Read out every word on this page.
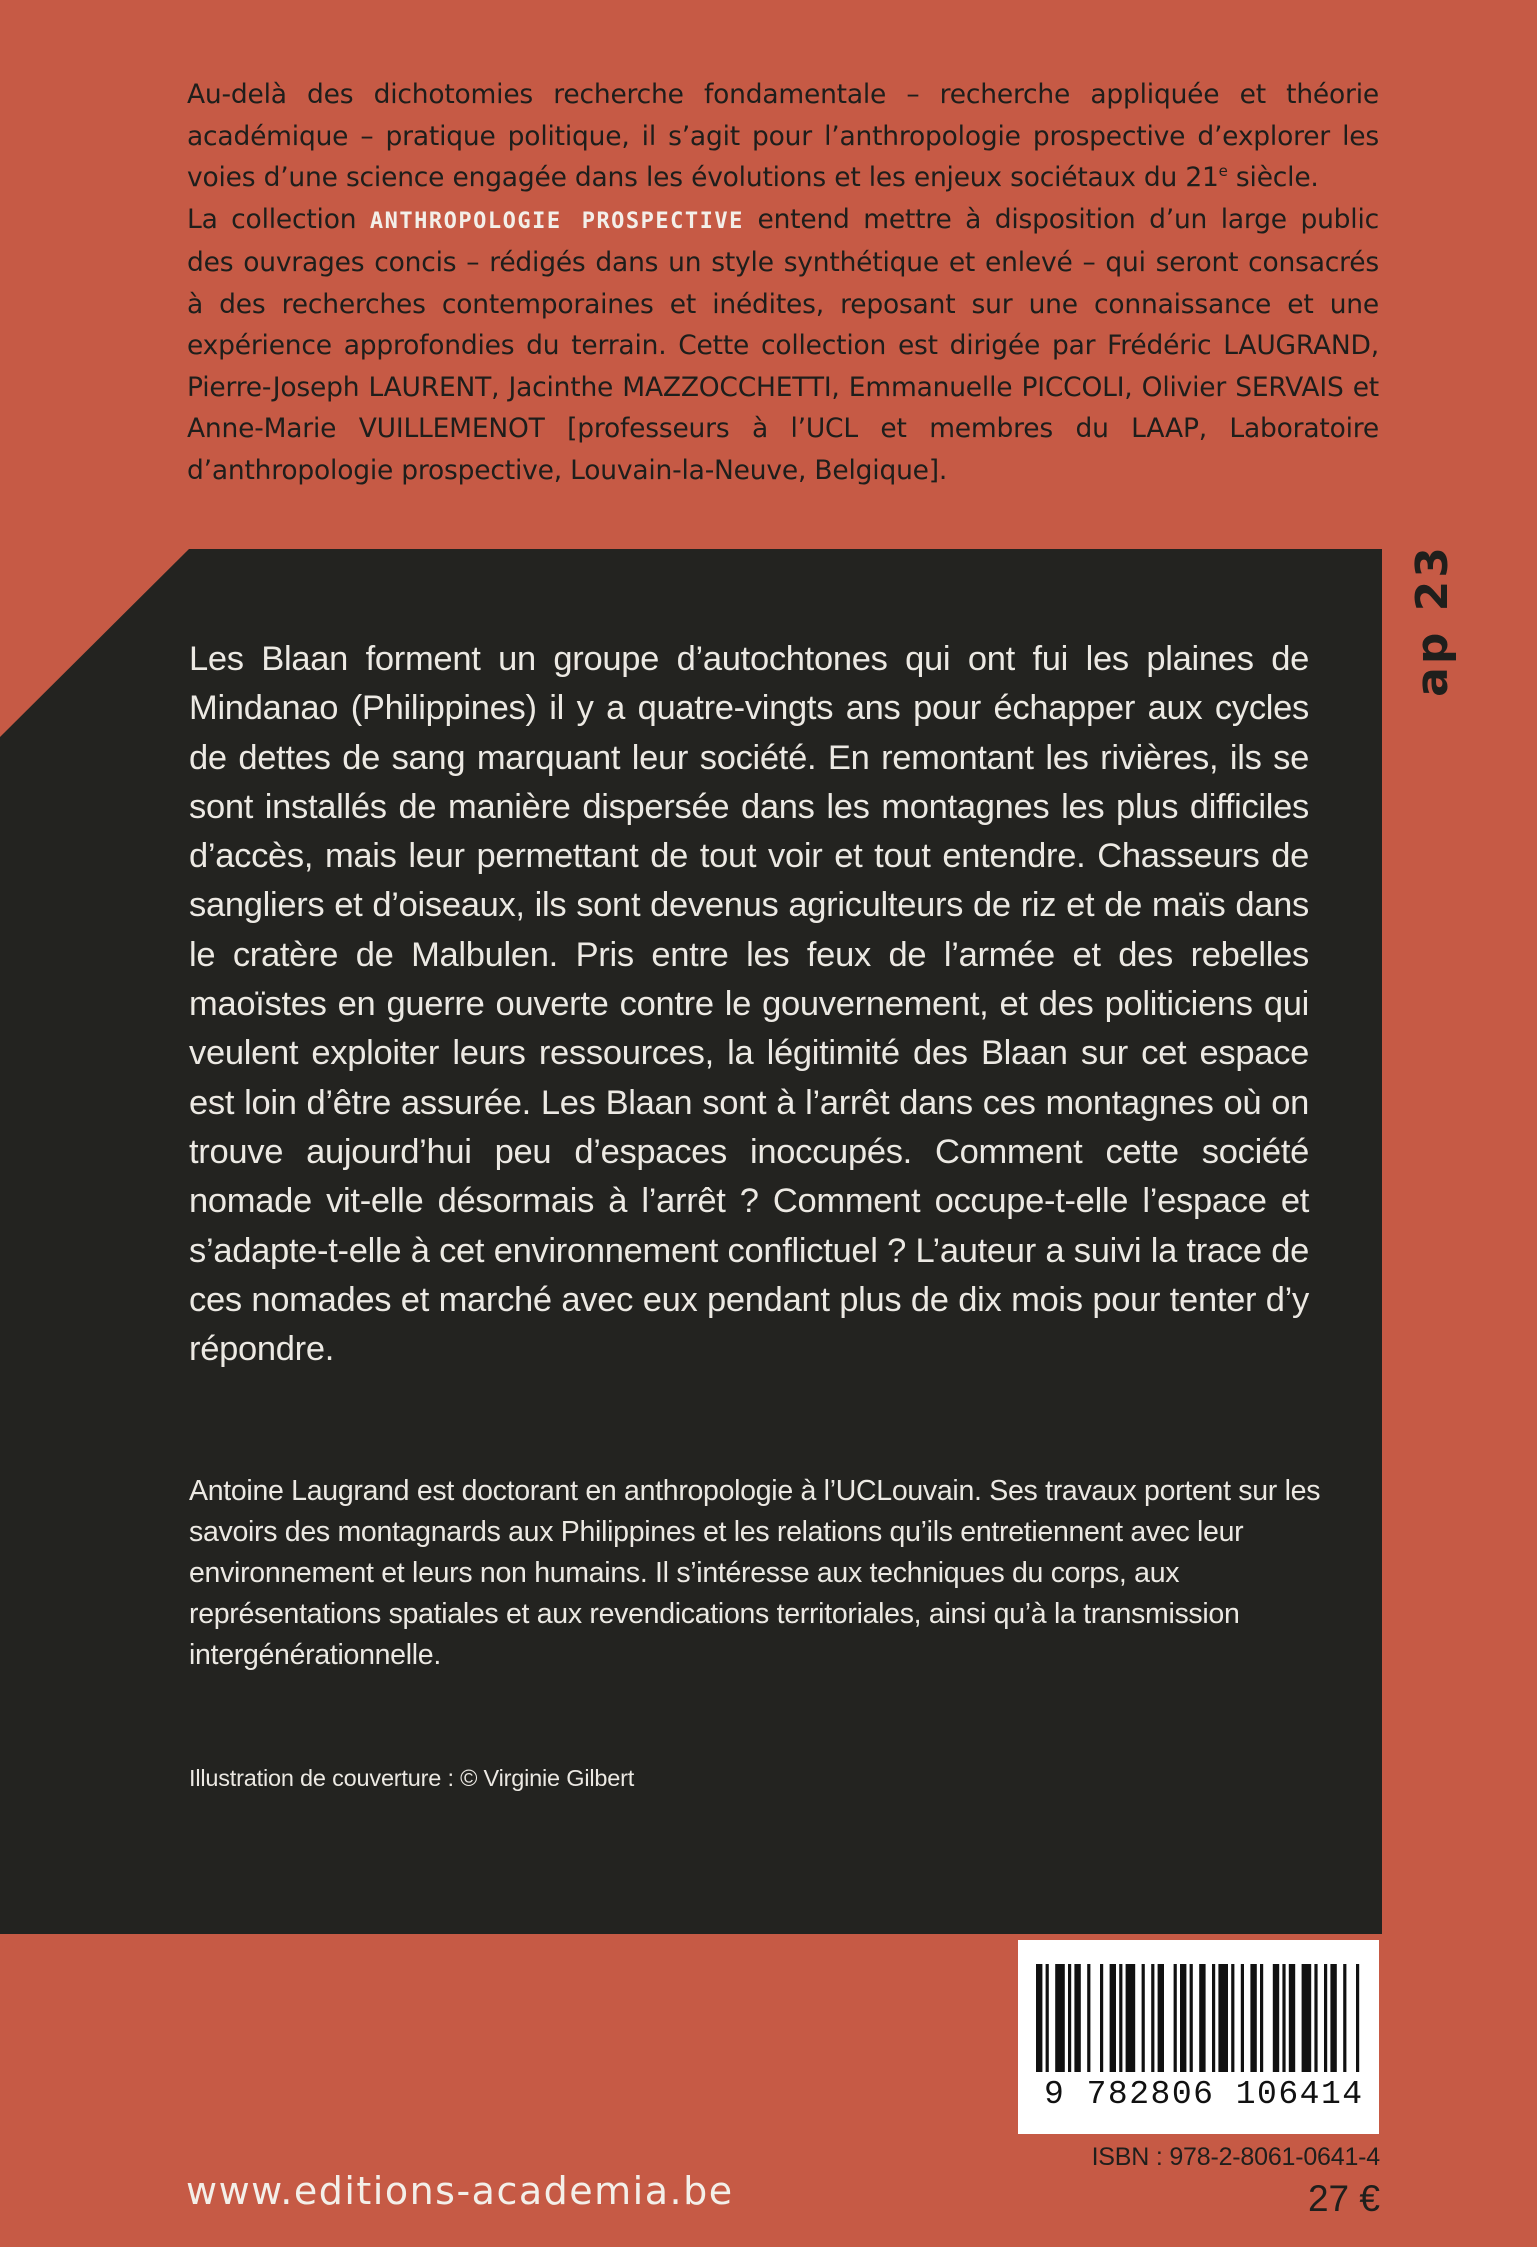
Au-delà des dichotomies recherche fondamentale – recherche appliquée et théorie académique – pratique politique, il s’agit pour l’anthropologie prospective d’explorer les voies d’une science engagée dans les évolutions et les enjeux sociétaux du 21e siècle.

La collection ANTHROPOLOGIE PROSPECTIVE entend mettre à disposition d’un large public des ouvrages concis – rédigés dans un style synthétique et enlevé – qui seront consacrés à des recherches contemporaines et inédites, reposant sur une connaissance et une expérience approfondies du terrain. Cette collection est dirigée par Frédéric LAUGRAND, Pierre-Joseph LAURENT, Jacinthe MAZZOCCHETTI, Emmanuelle PICCOLI, Olivier SERVAIS et Anne-Marie VUILLEMENOT [professeurs à l’UCL et membres du LAAP, Laboratoire d’anthropologie prospective, Louvain-la-Neuve, Belgique].

ap 23

Les Blaan forment un groupe d’autochtones qui ont fui les plaines de Mindanao (Philippines) il y a quatre-vingts ans pour échapper aux cycles de dettes de sang marquant leur société. En remontant les rivières, ils se sont installés de manière dispersée dans les montagnes les plus difficiles d’accès, mais leur permettant de tout voir et tout entendre. Chasseurs de sangliers et d’oiseaux, ils sont devenus agriculteurs de riz et de maïs dans le cratère de Malbulen. Pris entre les feux de l’armée et des rebelles maoïstes en guerre ouverte contre le gouvernement, et des politiciens qui veulent exploiter leurs ressources, la légitimité des Blaan sur cet espace est loin d’être assurée. Les Blaan sont à l’arrêt dans ces montagnes où on trouve aujourd’hui peu d’espaces inoccupés. Comment cette société nomade vit-elle désormais à l’arrêt ? Comment occupe-t-elle l’espace et s’adapte-t-elle à cet environnement conflictuel ? L’auteur a suivi la trace de ces nomades et marché avec eux pendant plus de dix mois pour tenter d’y répondre.

Antoine Laugrand est doctorant en anthropologie à l’UCLouvain. Ses travaux portent sur les savoirs des montagnards aux Philippines et les relations qu’ils entretiennent avec leur environnement et leurs non humains. Il s’intéresse aux techniques du corps, aux représentations spatiales et aux revendications territoriales, ainsi qu’à la transmission intergénérationnelle.

Illustration de couverture : © Virginie Gilbert
9 782806 106414
ISBN : 978-2-8061-0641-4
www.editions-academia.be	27 €
